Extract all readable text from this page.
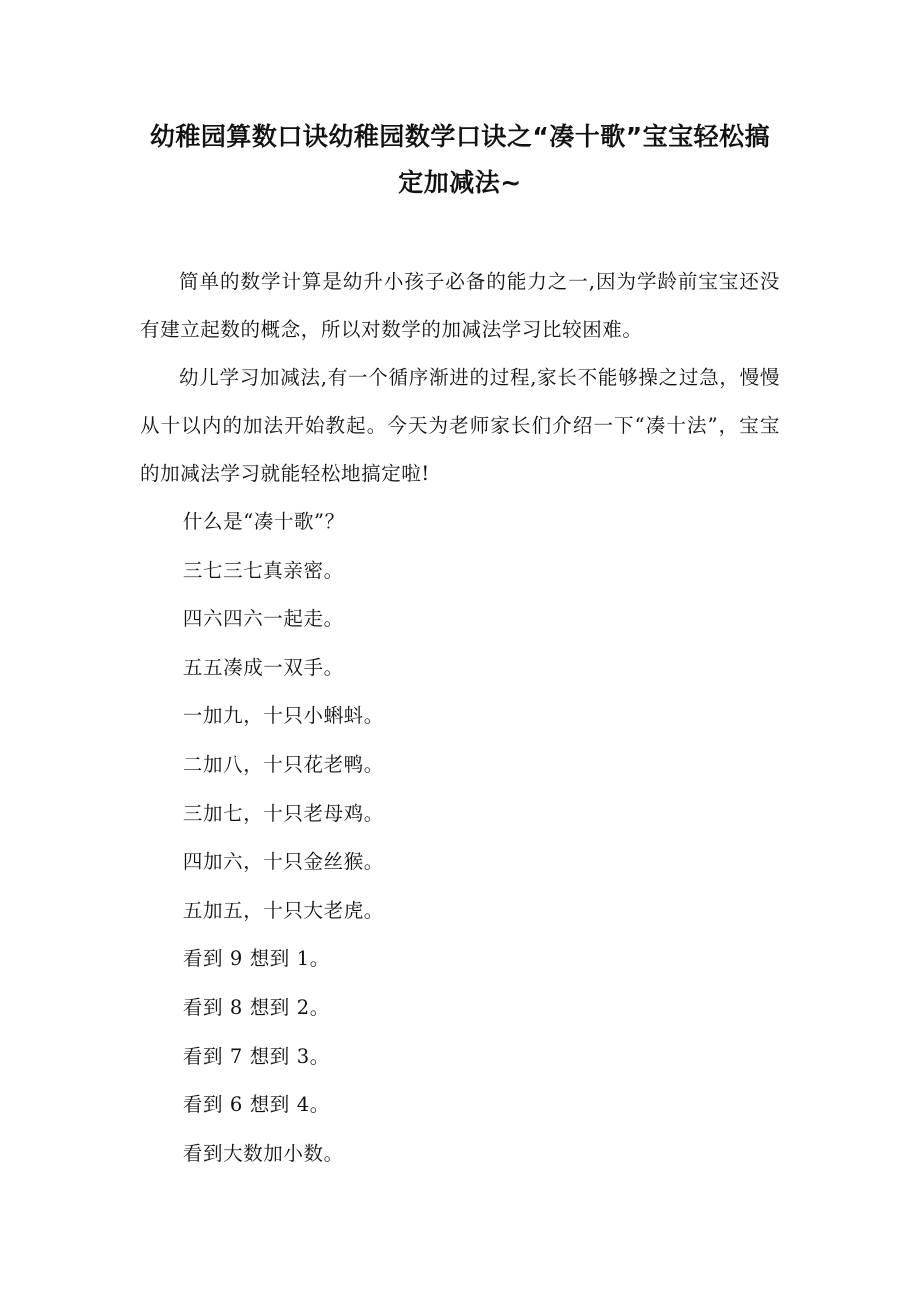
幼稚园算数口诀幼稚园数学口诀之“凑十歌”宝宝轻松搞定加减法~

简单的数学计算是幼升小孩子必备的能力之一,因为学龄前宝宝还没有建立起数的概念，所以对数学的加减法学习比较困难。

幼儿学习加减法,有一个循序渐进的过程,家长不能够操之过急，慢慢从十以内的加法开始教起。今天为老师家长们介绍一下“凑十法”，宝宝的加减法学习就能轻松地搞定啦!

什么是“凑十歌”？

三七三七真亲密。

四六四六一起走。

五五凑成一双手。

一加九，十只小蝌蚪。

二加八，十只花老鸭。

三加七，十只老母鸡。

四加六，十只金丝猴。

五加五，十只大老虎。

看到 9 想到 1。

看到 8 想到 2。

看到 7 想到 3。

看到 6 想到 4。

看到大数加小数。
